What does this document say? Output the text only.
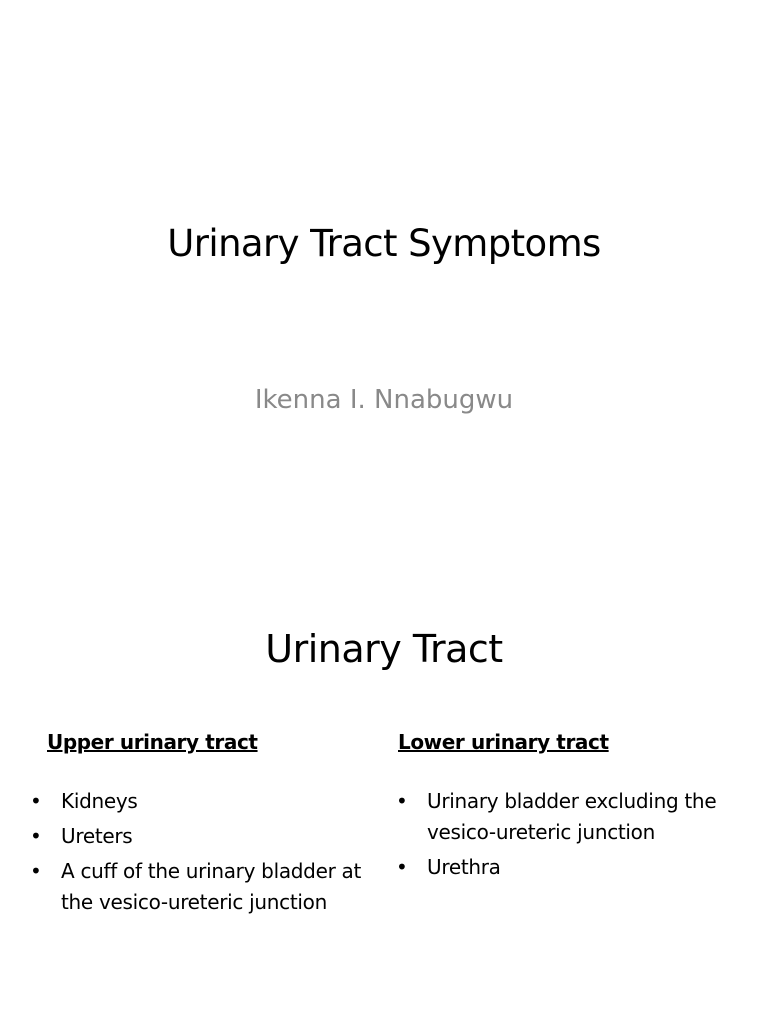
Urinary Tract Symptoms

Ikenna I. Nnabugwu

Urinary Tract

Upper urinary tract	Lower urinary tract

• Kidneys
• Ureters
• A cuff of the urinary bladder at the vesico-ureteric junction
• Urinary bladder excluding the vesico-ureteric junction
• Urethra
